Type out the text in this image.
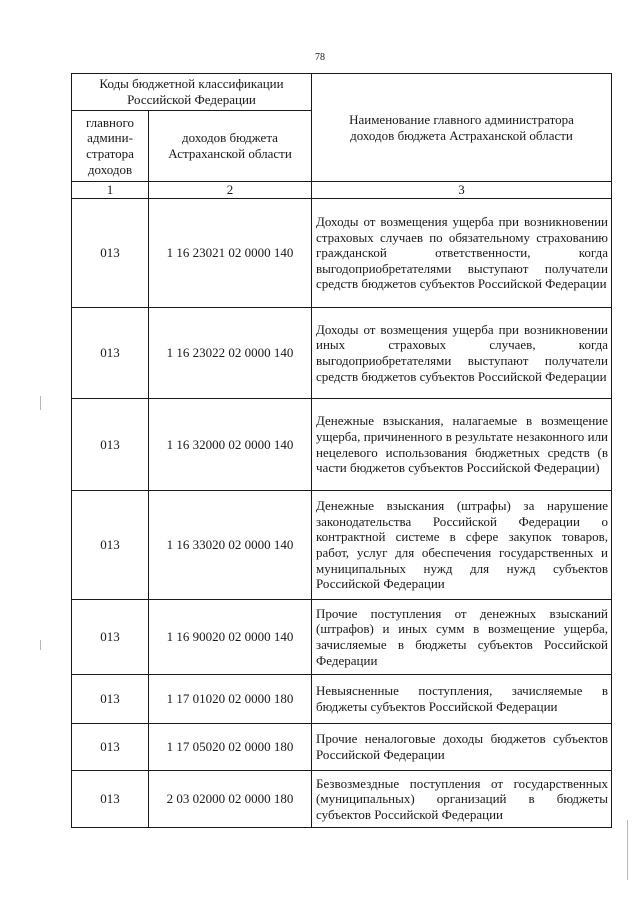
78
Коды бюджетной классификации Российской Федерации		Наименование главного администратора доходов бюджета Астраханской области
главного админи-стратора доходов	доходов бюджета Астраханской области	
1	2	3
013	1 16 23021 02 0000 140	Доходы от возмещения ущерба при возникновении страховых случаев по обязательному страхованию гражданской ответственности, когда выгодоприобретателями выступают получатели средств бюджетов субъектов Российской Федерации
013	1 16 23022 02 0000 140	Доходы от возмещения ущерба при возникновении иных страховых случаев, когда выгодоприобретателями выступают получатели средств бюджетов субъектов Российской Федерации
013	1 16 32000 02 0000 140	Денежные взыскания, налагаемые в возмещение ущерба, причиненного в результате незаконного или нецелевого использования бюджетных средств (в части бюджетов субъектов Российской Федерации)
013	1 16 33020 02 0000 140	Денежные взыскания (штрафы) за нарушение законодательства Российской Федерации о контрактной системе в сфере закупок товаров, работ, услуг для обеспечения государственных и муниципальных нужд для нужд субъектов Российской Федерации
013	1 16 90020 02 0000 140	Прочие поступления от денежных взысканий (штрафов) и иных сумм в возмещение ущерба, зачисляемые в бюджеты субъектов Российской Федерации
013	1 17 01020 02 0000 180	Невыясненные поступления, зачисляемые в бюджеты субъектов Российской Федерации
013	1 17 05020 02 0000 180	Прочие неналоговые доходы бюджетов субъектов Российской Федерации
013	2 03 02000 02 0000 180	Безвозмездные поступления от государственных (муниципальных) организаций в бюджеты субъектов Российской Федерации
